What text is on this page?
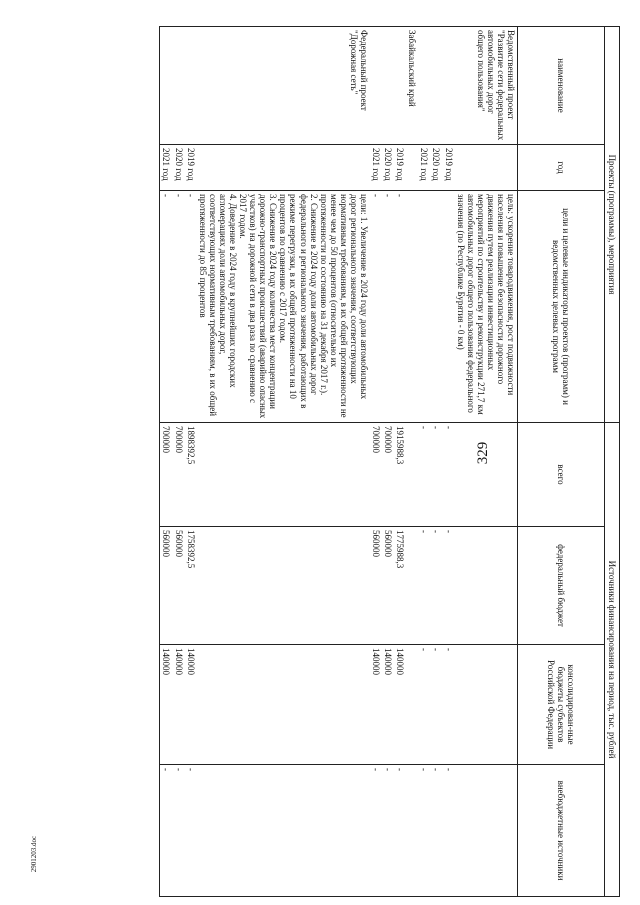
329
2901203.doc
Проекты (программы), мероприятия			Источники финансирования на период, тыс. рублей			
наименование	год	цели и целевые индикаторы проектов (программ) и ведомственных целевых программ	всего	федеральный бюджет	консолидирован-ные бюджеты субъектов Российской Федерации	внебюджетные источники
Ведомственный проект "Развитие сети федеральных автомобильных дорог общего пользования"		цель: ускорение товародвижения, рост подвижности населения и повышение безопасности дорожного движения путем реализации инвестиционных мероприятий по строительству и реконструкции 271,7 км автомобильных дорог общего пользования федерального значения (по Республике Бурятия - 0 км)				

	2019 год		-	-	-	-
	2020 год		-	-	-	-
	2021 год		-	-	-	-
Забайкальский край						
	2019 год	-	1915988,3	1775988,3	140000	-
	2020 год	-	700000	560000	140000	-
	2021 год	-	700000	560000	140000	-
Федеральный проект "Дорожная сеть"		цели: 1. Увеличение в 2024 году доли автомобильных дорог регионального значения, соответствующих нормативным требованиям, в их общей протяженности не менее чем до 50 процентов (относительно их протяженности по состоянию на 31 декабря 2017 г.).
2. Снижение в 2024 году доли автомобильных дорог федерального и регионального значения, работающих в режиме перегрузки, в их общей протяженности на 10 процентов по сравнению с 2017 годом.
3. Снижение в 2024 году количества мест концентрации дорожно-транспортных происшествий (аварийно опасных участков) на дорожной сети в два раза по сравнению с 2017 годом.
4. Доведение в 2024 году в крупнейших городских агломерациях доли автомобильных дорог, соответствующих нормативным требованиям, в их общей протяженности до 85 процентов				

	2019 год	-	1898392,5	1758392,5	140000	-
	2020 год	-	700000	560000	140000	-
	2021 год	-	700000	560000	140000	-
